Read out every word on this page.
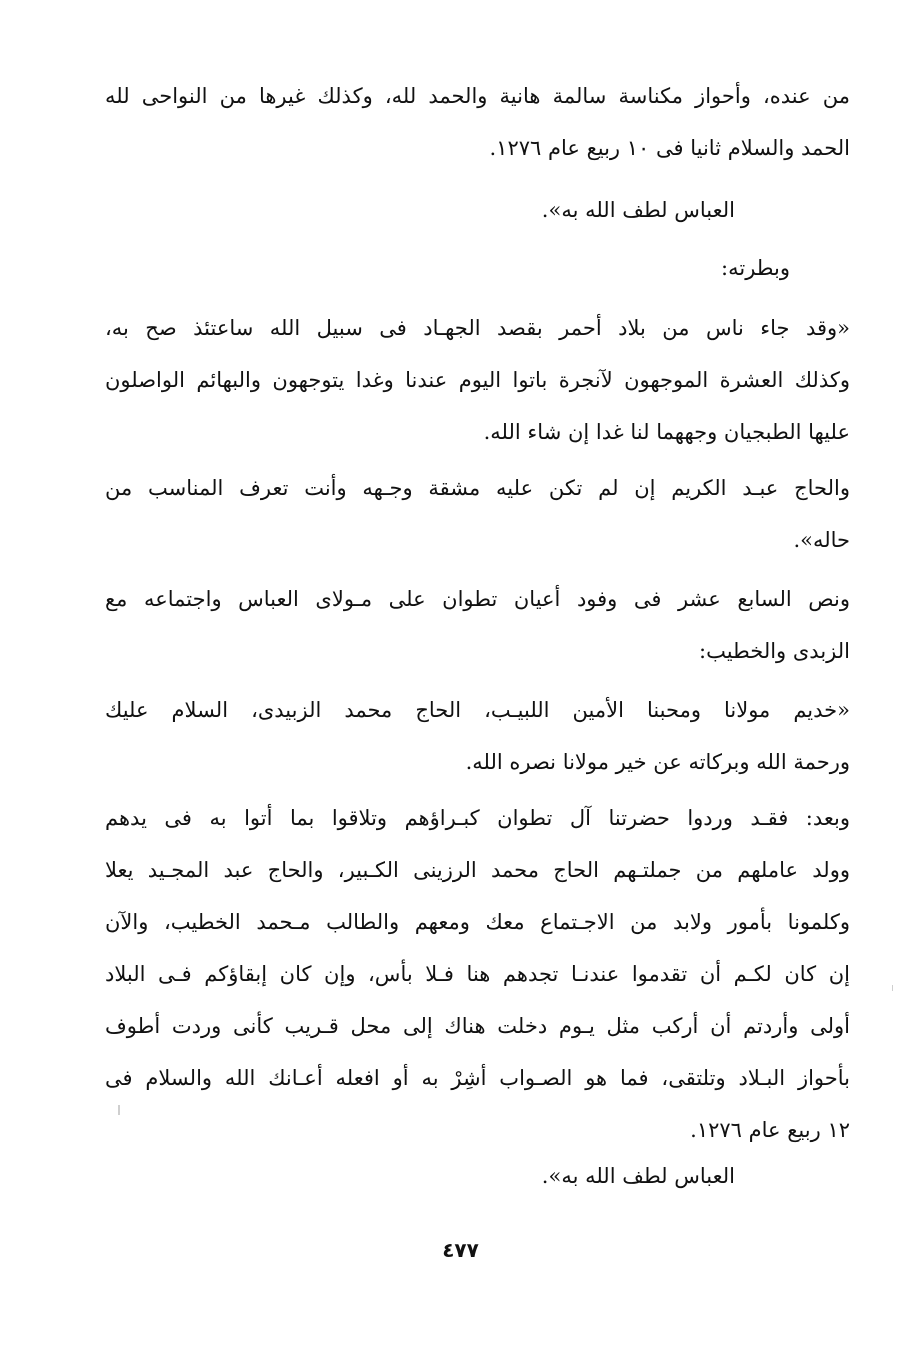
من عنده، وأحواز مكناسة سالمة هانية والحمد لله، وكذلك غيرها من النواحى لله
الحمد والسلام ثانيا فى ١٠ ربيع عام ١٢٧٦.
العباس لطف الله به».
وبطرته:
«وقد جاء ناس من بلاد أحمر بقصد الجهـاد فى سبيل الله ساعتئذ صح به،
وكذلك العشرة الموجهون لآنجرة باتوا اليوم عندنا وغدا يتوجهون والبهائم الواصلون
عليها الطبجيان وجههما لنا غدا إن شاء الله.
والحاج عبـد الكريم إن لم تكن عليه مشقة وجـهه وأنت تعرف المناسب من
حاله».
ونص السابع عشر فى وفود أعيان تطوان على مـولاى العباس واجتماعه مع
الزبدى والخطيب:
«خديم مولانا ومحبنا الأمين اللبيـب، الحاج محمد الزبيدى، السلام عليك
ورحمة الله وبركاته عن خير مولانا نصره الله.
وبعد: فقـد وردوا حضرتنا آل تطوان كبـراؤهم وتلاقوا بما أتوا به فى يدهم
وولد عاملهم من جملتـهم الحاج محمد الرزينى الكـبير، والحاج عبد المجـيد يعلا
وكلمونا بأمور ولابد من الاجـتماع معك ومعهم والطالب مـحمد الخطيب، والآن
إن كان لكـم أن تقدموا عندنـا تجدهم هنا فـلا بأس، وإن كان إبقاؤكم فـى البلاد
أولى وأردتم أن أركب مثل يـوم دخلت هناك إلى محل قـريب كأنى وردت أطوف
بأحواز البـلاد وتلتقى، فما هو الصـواب أشِرْ به أو افعله أعـانك الله والسلام فى
١٢ ربيع عام ١٢٧٦.
العباس لطف الله به».
٤٧٧
